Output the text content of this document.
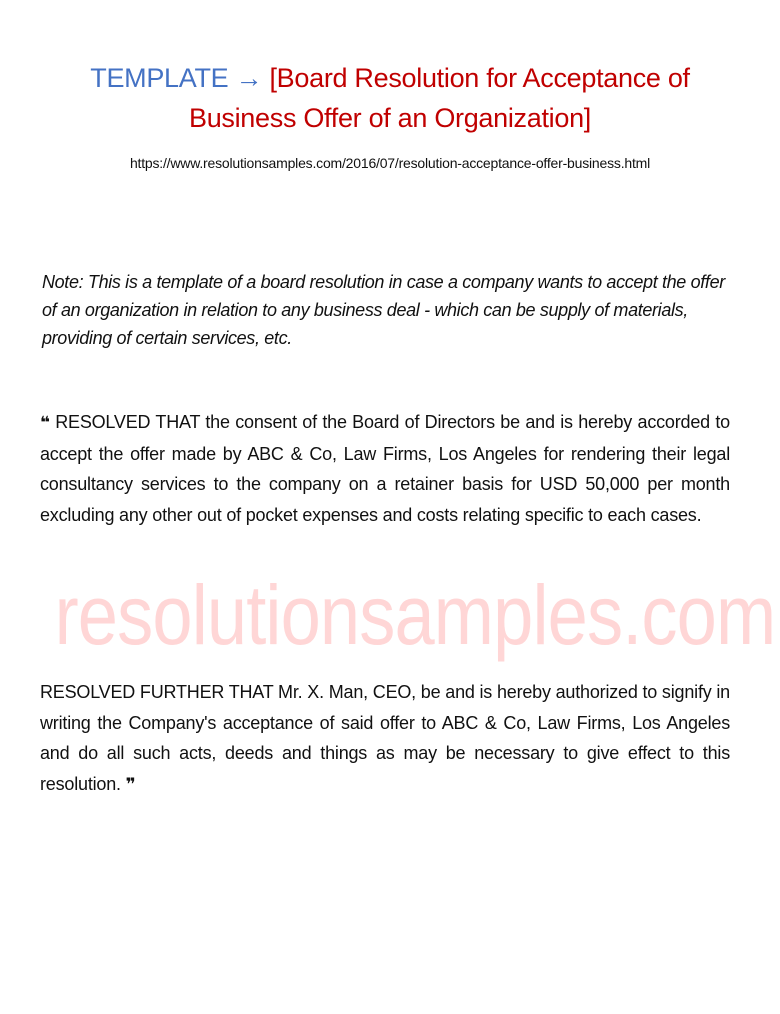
TEMPLATE → [Board Resolution for Acceptance of
Business Offer of an Organization]
https://www.resolutionsamples.com/2016/07/resolution-acceptance-offer-business.html
Note: This is a template of a board resolution in case a company wants to accept the offer of an organization in relation to any business deal - which can be supply of materials, providing of certain services, etc.
❝ RESOLVED THAT the consent of the Board of Directors be and is hereby accorded to accept the offer made by ABC & Co, Law Firms, Los Angeles for rendering their legal consultancy services to the company on a retainer basis for USD 50,000 per month excluding any other out of pocket expenses and costs relating specific to each cases.
resolutionsamples.com
RESOLVED FURTHER THAT Mr. X. Man, CEO, be and is hereby authorized to signify in writing the Company's acceptance of said offer to ABC & Co, Law Firms, Los Angeles and do all such acts, deeds and things as may be necessary to give effect to this resolution. ❞
